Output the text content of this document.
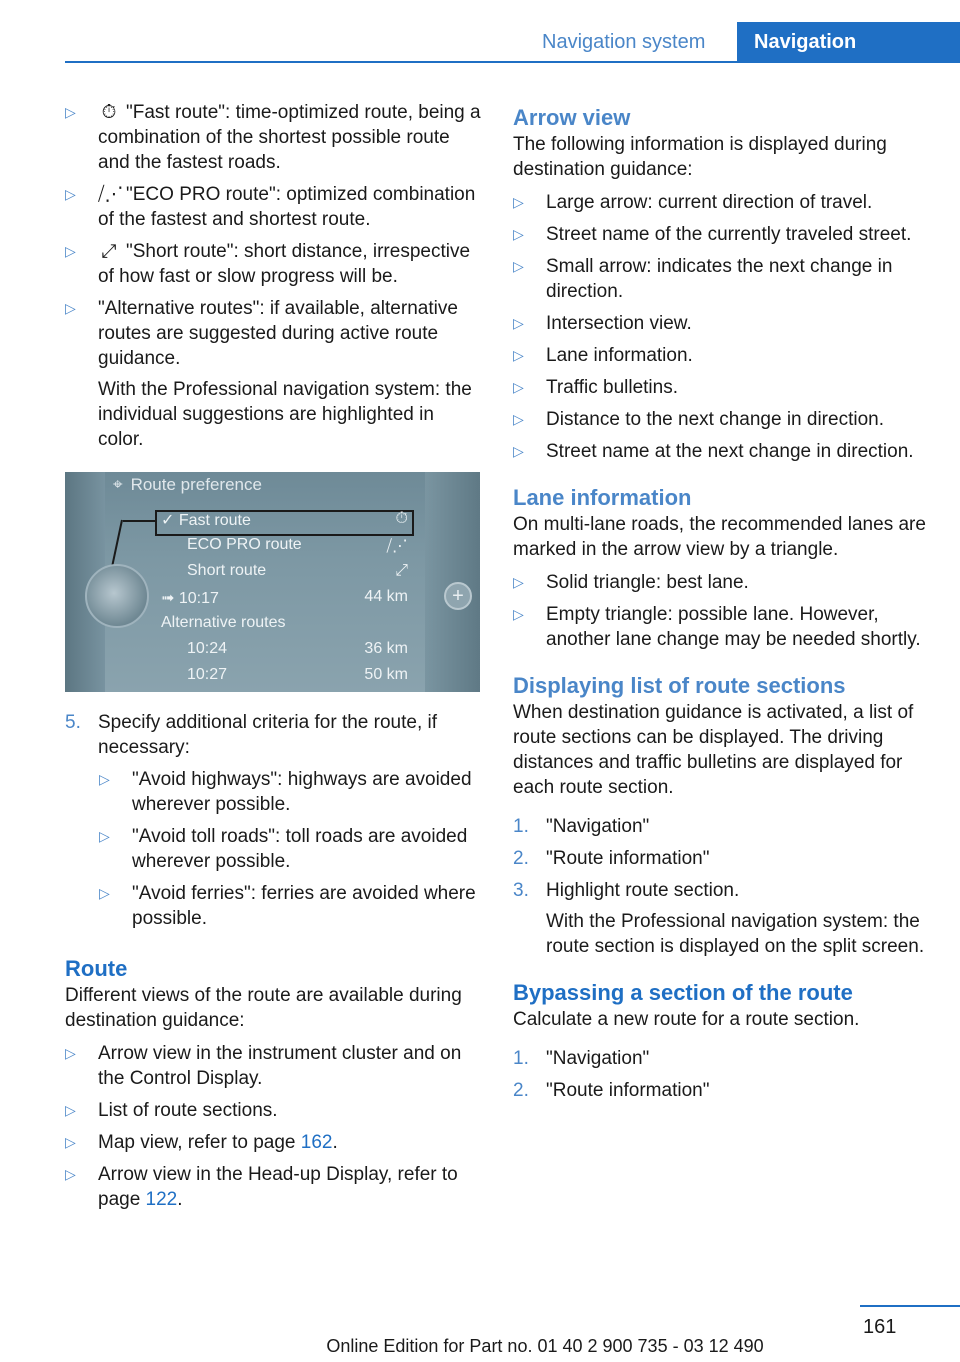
Navigation system	Navigation
▷ ⏱ "Fast route": time-optimized route, being a combination of the shortest possible route and the fastest roads.
▷ ⧸⋰ "ECO PRO route": optimized combination of the fastest and shortest route.
▷ ⤢ "Short route": short distance, irrespective of how fast or slow progress will be.
▷ "Alternative routes": if available, alternative routes are suggested during active route guidance.

With the Professional navigation system: the individual suggestions are highlighted in color.

⌖ Route preference
✓ Fast route	⏱
ECO PRO route	⧸⋰
Short route	⤢
➟ 10:17	44 km
Alternative routes
10:24	36 km
10:27	50 km
+
5. Specify additional criteria for the route, if necessary:
▷ "Avoid highways": highways are avoided wherever possible.
▷ "Avoid toll roads": toll roads are avoided wherever possible.
▷ "Avoid ferries": ferries are avoided where possible.
Route

Different views of the route are available during destination guidance:

▷ Arrow view in the instrument cluster and on the Control Display.
▷ List of route sections.
▷ Map view, refer to page 162.
▷ Arrow view in the Head-up Display, refer to page 122.
Arrow view

The following information is displayed during destination guidance:

▷ Large arrow: current direction of travel.
▷ Street name of the currently traveled street.
▷ Small arrow: indicates the next change in direction.
▷ Intersection view.
▷ Lane information.
▷ Traffic bulletins.
▷ Distance to the next change in direction.
▷ Street name at the next change in direction.
Lane information

On multi-lane roads, the recommended lanes are marked in the arrow view by a triangle.

▷ Solid triangle: best lane.
▷ Empty triangle: possible lane. However, another lane change may be needed shortly.
Displaying list of route sections

When destination guidance is activated, a list of route sections can be displayed. The driving distances and traffic bulletins are displayed for each route section.

1. "Navigation"
2. "Route information"
3. Highlight route section.

With the Professional navigation system: the route section is displayed on the split screen.

Bypassing a section of the route

Calculate a new route for a route section.

1. "Navigation"
2. "Route information"
161
Online Edition for Part no. 01 40 2 900 735 - 03 12 490
